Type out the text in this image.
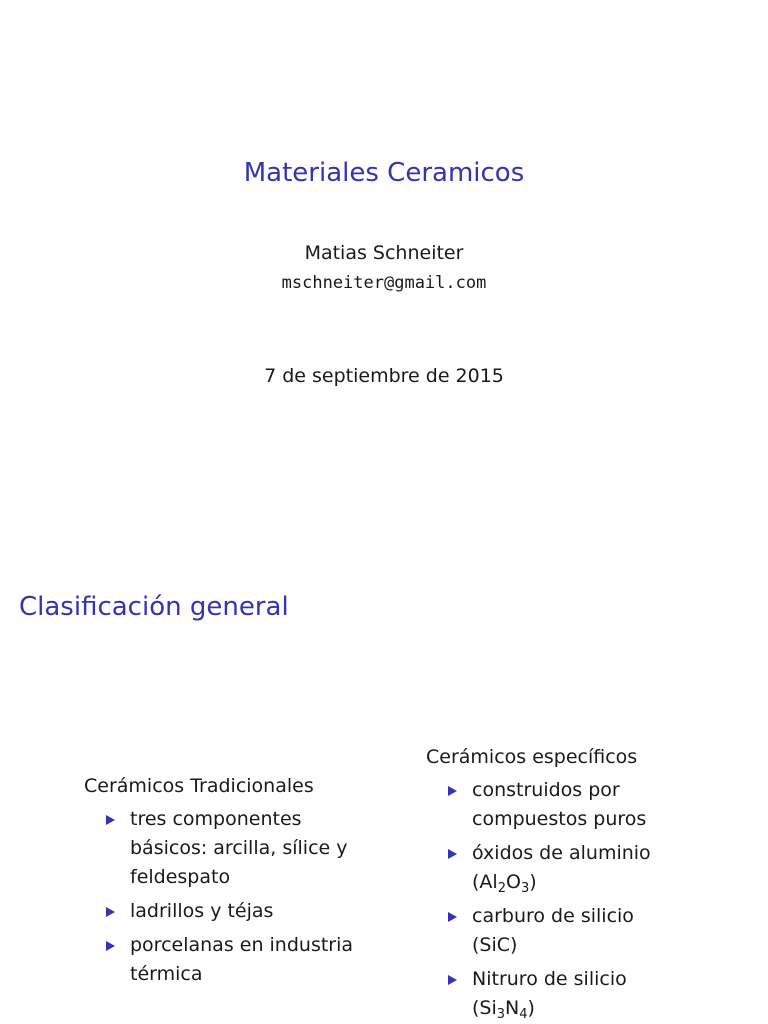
Materiales Ceramicos
Matias Schneiter
mschneiter@gmail.com
7 de septiembre de 2015
Clasificación general
Cerámicos Tradicionales
tres componentes básicos: arcilla, sílice y feldespato
ladrillos y téjas
porcelanas en industria térmica
Cerámicos específicos
construidos por compuestos puros
óxidos de aluminio
$(Al_2O_3)$
carburo de silicio
(SiC)
Nitruro de silicio
$(Si_3N_4)$
